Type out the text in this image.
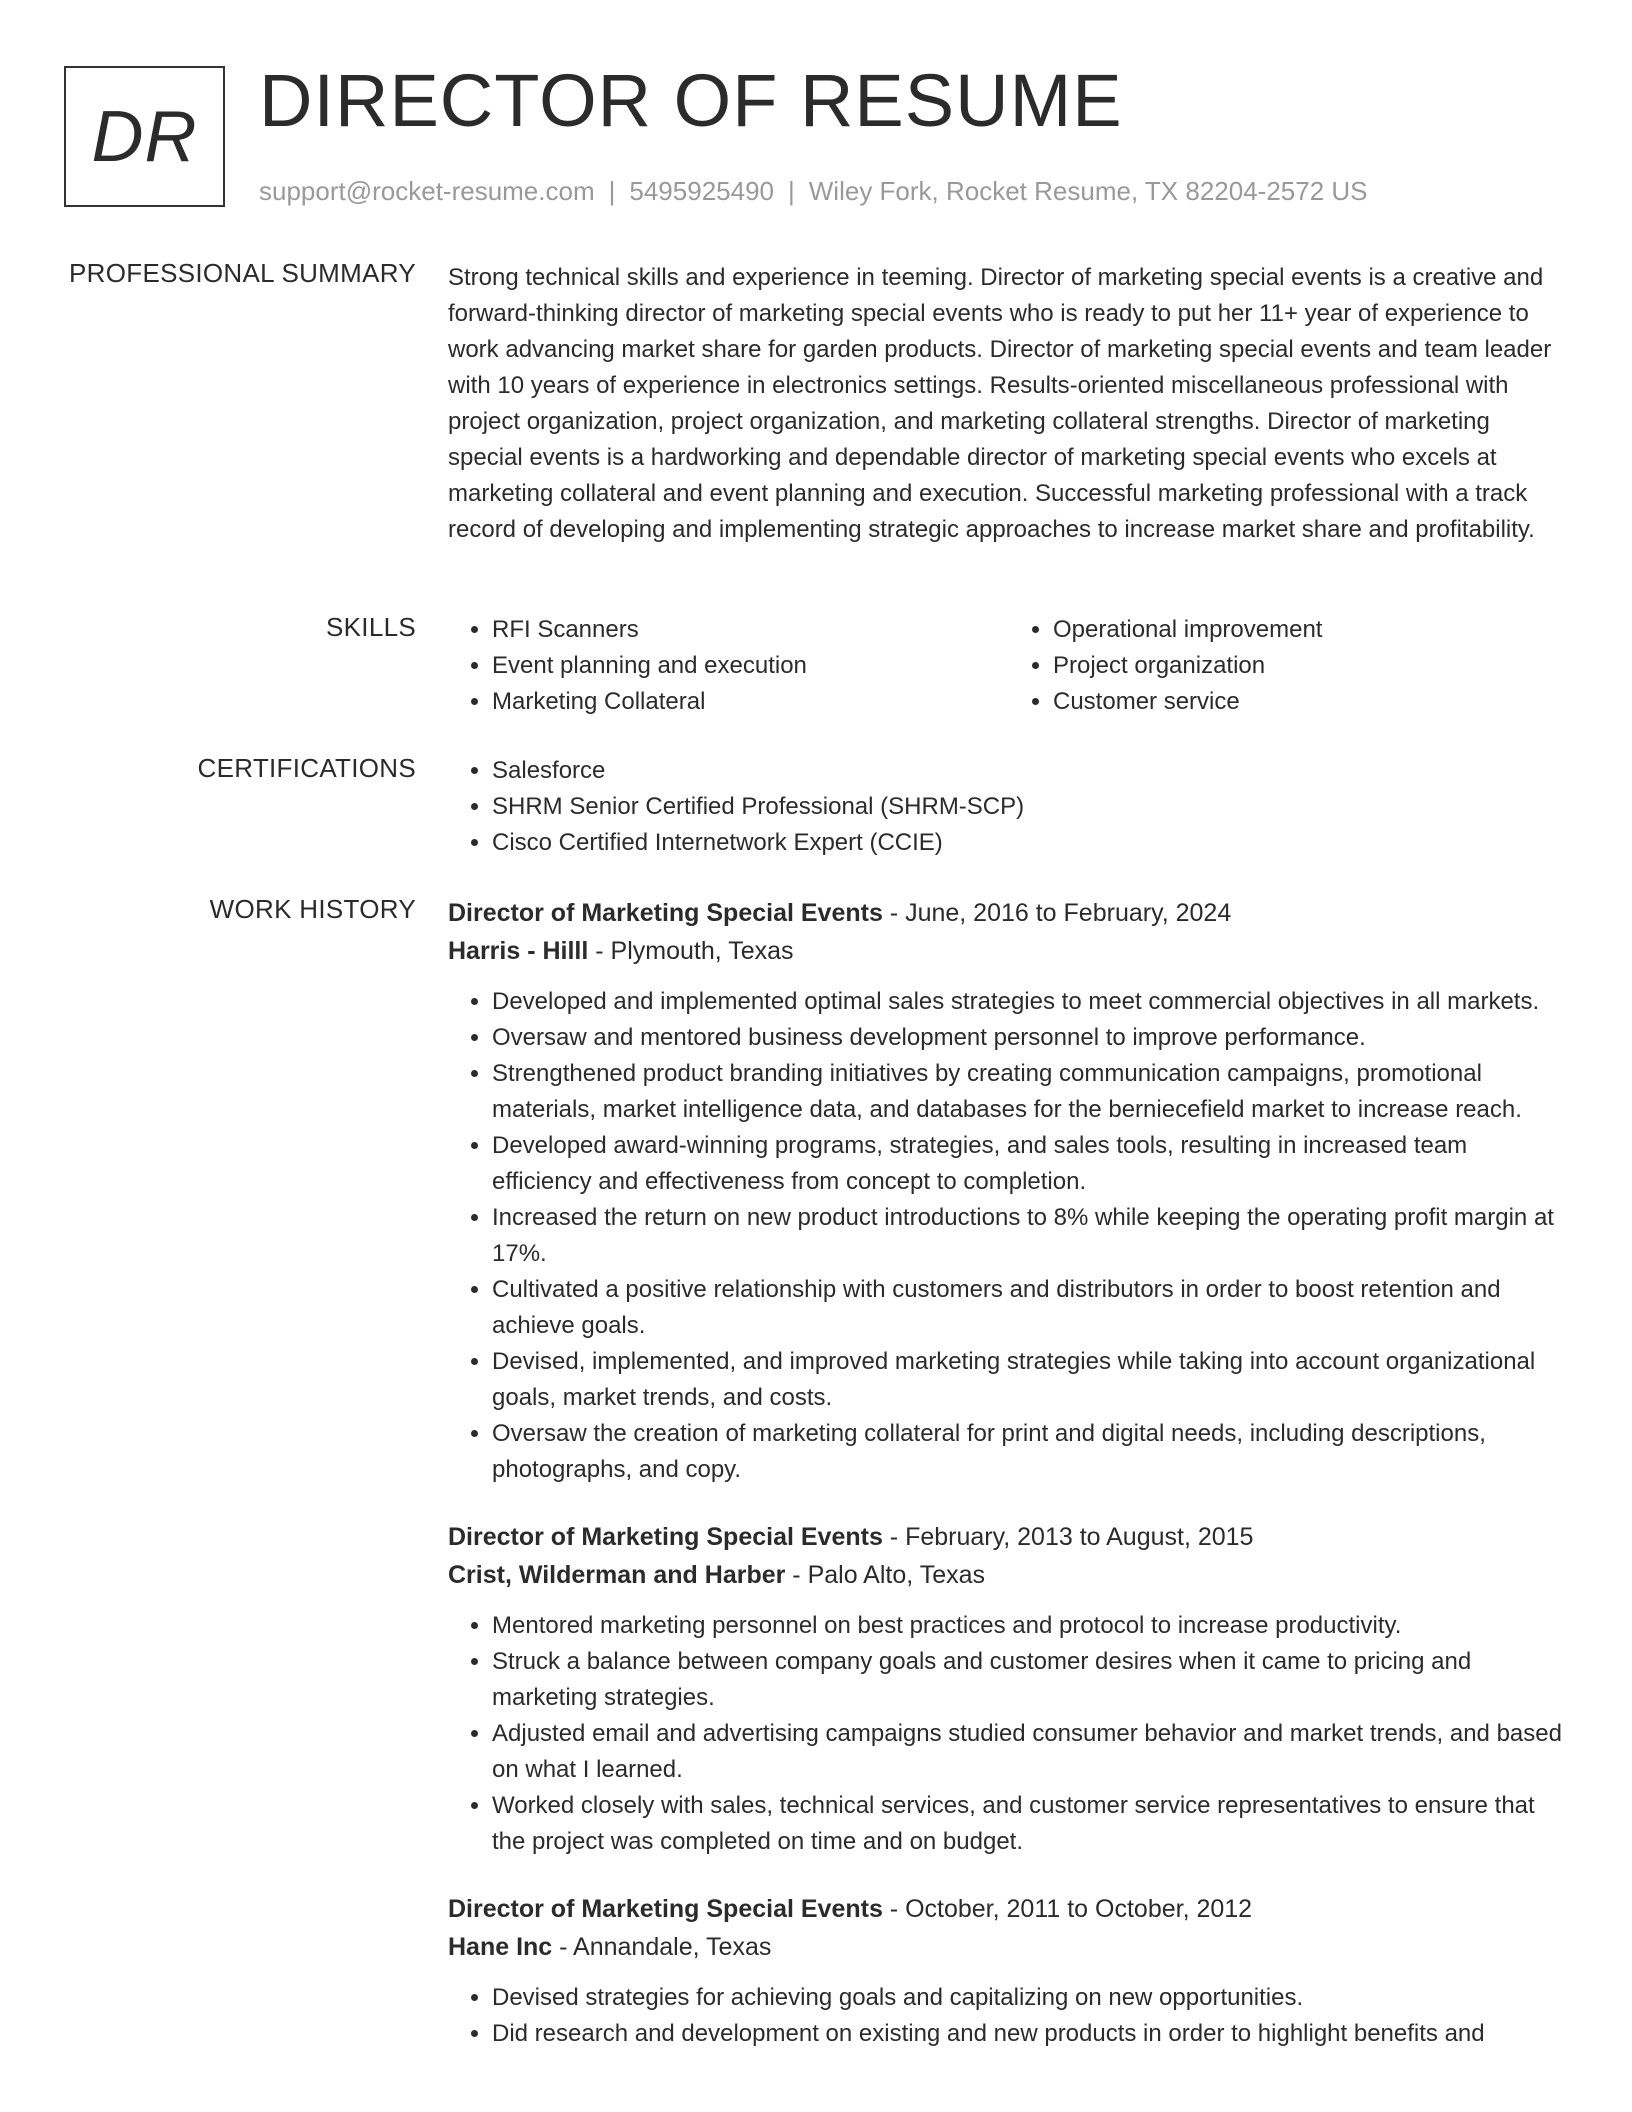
DR DIRECTOR OF RESUME
support@rocket-resume.com | 5495925490 | Wiley Fork, Rocket Resume, TX 82204-2572 US
PROFESSIONAL SUMMARY Strong technical skills and experience in teeming. Director of marketing special events is a creative and forward-thinking director of marketing special events who is ready to put her 11+ year of experience to work advancing market share for garden products. Director of marketing special events and team leader with 10 years of experience in electronics settings. Results-oriented miscellaneous professional with project organization, project organization, and marketing collateral strengths. Director of marketing special events is a hardworking and dependable director of marketing special events who excels at marketing collateral and event planning and execution. Successful marketing professional with a track record of developing and implementing strategic approaches to increase market share and profitability.

SKILLS	• RFI Scanners
• Event planning and execution
• Marketing Collateral
• Operational improvement
• Project organization
• Customer service
CERTIFICATIONS	• Salesforce
• SHRM Senior Certified Professional (SHRM-SCP)
• Cisco Certified Internetwork Expert (CCIE)
WORK HISTORY Director of Marketing Special Events - June, 2016 to February, 2024
Harris - Hilll - Plymouth, Texas
• Developed and implemented optimal sales strategies to meet commercial objectives in all markets.
• Oversaw and mentored business development personnel to improve performance.
• Strengthened product branding initiatives by creating communication campaigns, promotional materials, market intelligence data, and databases for the berniecefield market to increase reach.
• Developed award-winning programs, strategies, and sales tools, resulting in increased team efficiency and effectiveness from concept to completion.
• Increased the return on new product introductions to 8% while keeping the operating profit margin at 17%.
• Cultivated a positive relationship with customers and distributors in order to boost retention and achieve goals.
• Devised, implemented, and improved marketing strategies while taking into account organizational goals, market trends, and costs.
• Oversaw the creation of marketing collateral for print and digital needs, including descriptions, photographs, and copy.
Director of Marketing Special Events - February, 2013 to August, 2015
Crist, Wilderman and Harber - Palo Alto, Texas
• Mentored marketing personnel on best practices and protocol to increase productivity.
• Struck a balance between company goals and customer desires when it came to pricing and marketing strategies.
• Adjusted email and advertising campaigns studied consumer behavior and market trends, and based on what I learned.
• Worked closely with sales, technical services, and customer service representatives to ensure that the project was completed on time and on budget.
Director of Marketing Special Events - October, 2011 to October, 2012
Hane Inc - Annandale, Texas
• Devised strategies for achieving goals and capitalizing on new opportunities.
• Did research and development on existing and new products in order to highlight benefits and
